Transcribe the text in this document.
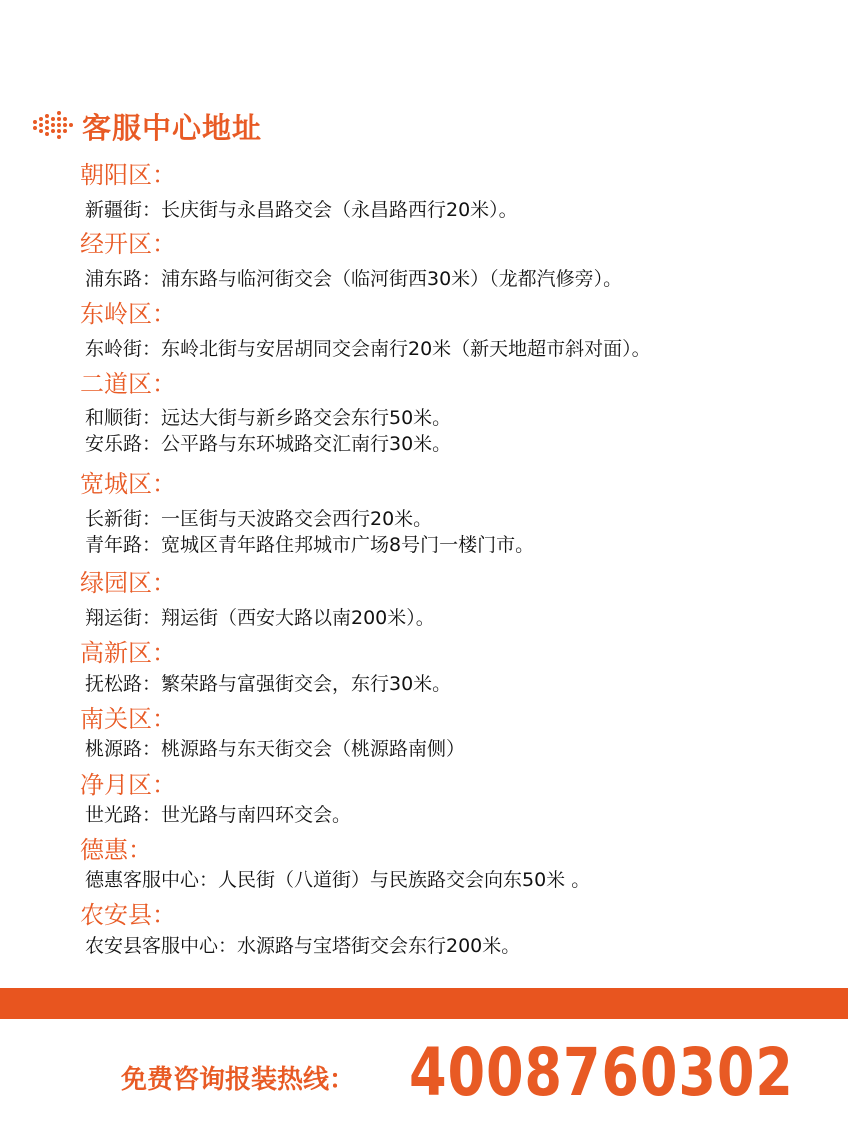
客服中心地址
朝阳区：
新疆街：长庆街与永昌路交会（永昌路西行20米）。
经开区：
浦东路：浦东路与临河街交会（临河街西30米）（龙都汽修旁）。
东岭区：
东岭街：东岭北街与安居胡同交会南行20米（新天地超市斜对面）。
二道区：
和顺街：远达大街与新乡路交会东行50米。
安乐路：公平路与东环城路交汇南行30米。
宽城区：
长新街：一匡街与天波路交会西行20米。
青年路：宽城区青年路住邦城市广场8号门一楼门市。
绿园区：
翔运街：翔运街（西安大路以南200米）。
高新区：
抚松路：繁荣路与富强街交会，东行30米。
南关区：
桃源路：桃源路与东天街交会（桃源路南侧）
净月区：
世光路：世光路与南四环交会。
德惠：
德惠客服中心：人民街（八道街）与民族路交会向东50米 。
农安县：
农安县客服中心：水源路与宝塔街交会东行200米。
免费咨询报装热线： 4008760302
